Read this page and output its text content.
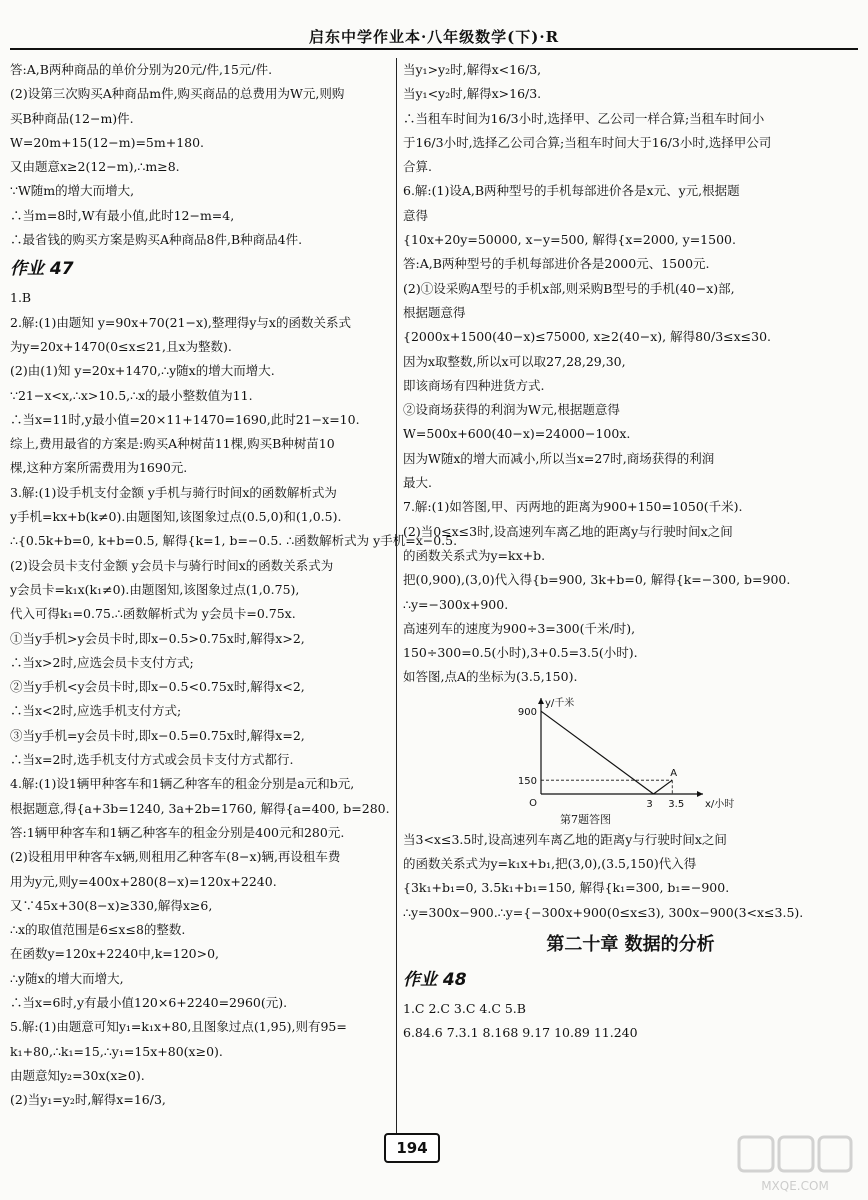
启东中学作业本·八年级数学(下)·R
答:A,B两种商品的单价分别为20元/件,15元/件.
(2)设第三次购买A种商品m件,购买商品的总费用为W元,则购
买B种商品(12−m)件.
W=20m+15(12−m)=5m+180.
又由题意x≥2(12−m),∴m≥8.
∵W随m的增大而增大,
∴当m=8时,W有最小值,此时12−m=4,
∴最省钱的购买方案是购买A种商品8件,B种商品4件.
作业 47
1.B
2.解:(1)由题知 y=90x+70(21−x),整理得y与x的函数关系式
为y=20x+1470(0≤x≤21,且x为整数).
(2)由(1)知 y=20x+1470,∴y随x的增大而增大.
∵21−x<x,∴x>10.5,∴x的最小整数值为11.
∴当x=11时,y最小值=20×11+1470=1690,此时21−x=10.
综上,费用最省的方案是:购买A种树苗11棵,购买B种树苗10
棵,这种方案所需费用为1690元.
3.解:(1)设手机支付金额 y手机与骑行时间x的函数解析式为
y手机=kx+b(k≠0).由题图知,该图象过点(0.5,0)和(1,0.5).
∴{0.5k+b=0, k+b=0.5, 解得{k=1, b=−0.5. ∴函数解析式为 y手机=x−0.5.
(2)设会员卡支付金额 y会员卡与骑行时间x的函数关系式为
y会员卡=k₁x(k₁≠0).由题图知,该图象过点(1,0.75),
代入可得k₁=0.75.∴函数解析式为 y会员卡=0.75x.
①当y手机>y会员卡时,即x−0.5>0.75x时,解得x>2,
∴当x>2时,应选会员卡支付方式;
②当y手机<y会员卡时,即x−0.5<0.75x时,解得x<2,
∴当x<2时,应选手机支付方式;
③当y手机=y会员卡时,即x−0.5=0.75x时,解得x=2,
∴当x=2时,选手机支付方式或会员卡支付方式都行.
4.解:(1)设1辆甲种客车和1辆乙种客车的租金分别是a元和b元,
根据题意,得{a+3b=1240, 3a+2b=1760, 解得{a=400, b=280.
答:1辆甲种客车和1辆乙种客车的租金分别是400元和280元.
(2)设租用甲种客车x辆,则租用乙种客车(8−x)辆,再设租车费
用为y元,则y=400x+280(8−x)=120x+2240.
又∵45x+30(8−x)≥330,解得x≥6,
∴x的取值范围是6≤x≤8的整数.
在函数y=120x+2240中,k=120>0,
∴y随x的增大而增大,
∴当x=6时,y有最小值120×6+2240=2960(元).
5.解:(1)由题意可知y₁=k₁x+80,且图象过点(1,95),则有95=
k₁+80,∴k₁=15,∴y₁=15x+80(x≥0).
由题意知y₂=30x(x≥0).
(2)当y₁=y₂时,解得x=16/3,
当y₁>y₂时,解得x<16/3,
当y₁<y₂时,解得x>16/3.
∴当租车时间为16/3小时,选择甲、乙公司一样合算;当租车时间小
于16/3小时,选择乙公司合算;当租车时间大于16/3小时,选择甲公司
合算.
6.解:(1)设A,B两种型号的手机每部进价各是x元、y元,根据题
意得
{10x+20y=50000, x−y=500, 解得{x=2000, y=1500.
答:A,B两种型号的手机每部进价各是2000元、1500元.
(2)①设采购A型号的手机x部,则采购B型号的手机(40−x)部,
根据题意得
{2000x+1500(40−x)≤75000, x≥2(40−x), 解得80/3≤x≤30.
因为x取整数,所以x可以取27,28,29,30,
即该商场有四种进货方式.
②设商场获得的利润为W元,根据题意得
W=500x+600(40−x)=24000−100x.
因为W随x的增大而减小,所以当x=27时,商场获得的利润
最大.
7.解:(1)如答图,甲、丙两地的距离为900+150=1050(千米).
(2)当0≤x≤3时,设高速列车离乙地的距离y与行驶时间x之间
的函数关系式为y=kx+b.
把(0,900),(3,0)代入得{b=900, 3k+b=0, 解得{k=−300, b=900.
∴y=−300x+900.
高速列车的速度为900÷3=300(千米/时),
150÷300=0.5(小时),3+0.5=3.5(小时).
如答图,点A的坐标为(3.5,150).
900
150
3 3.5
O
y/千米
x/小时
A
第7题答图
当3<x≤3.5时,设高速列车离乙地的距离y与行驶时间x之间
的函数关系式为y=k₁x+b₁,把(3,0),(3.5,150)代入得
{3k₁+b₁=0, 3.5k₁+b₁=150, 解得{k₁=300, b₁=−900.
∴y=300x−900.∴y={−300x+900(0≤x≤3), 300x−900(3<x≤3.5).
第二十章 数据的分析
作业 48
1.C 2.C 3.C 4.C 5.B
6.84.6 7.3.1 8.168 9.17 10.89 11.240
194
MXQE.COM
